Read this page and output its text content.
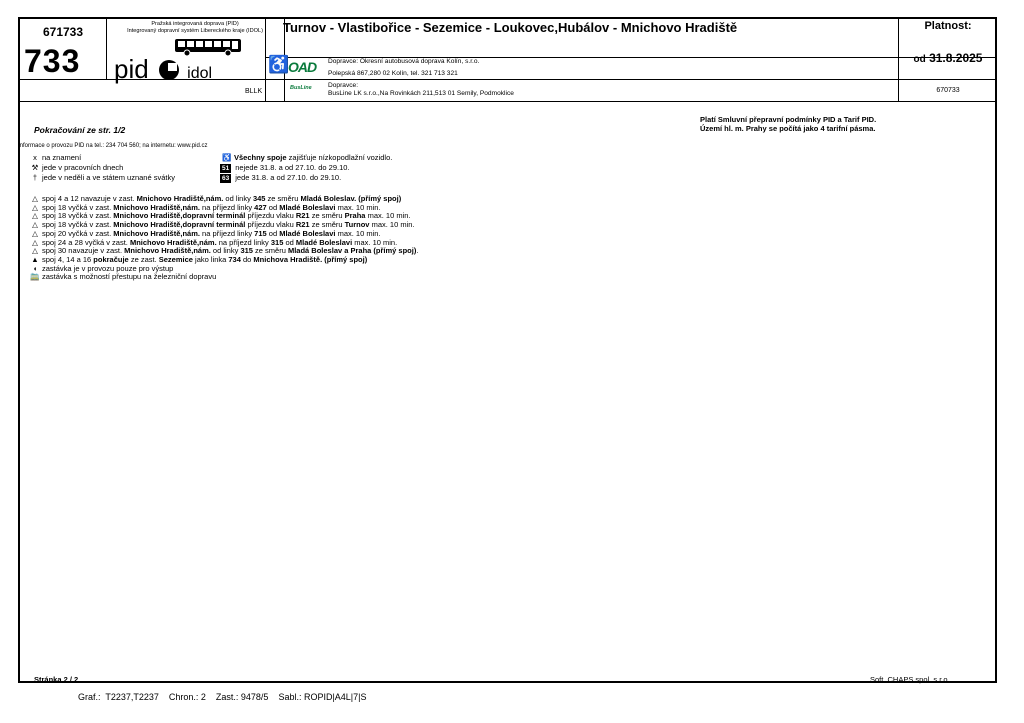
671733
733
Pražská integrovaná doprava (PID)
Integrovaný dopravní systém Libereckého kraje (IDOL)
pid idol	♿
Turnov - Vlastibořice - Sezemice - Loukovec,Hubálov - Mnichovo Hradiště
OAD Dopravce: Okresní autobusová doprava Kolín, s.r.o.
Polepská 867,280 02 Kolín, tel. 321 713 321
BusLine Dopravce:
BusLine LK s.r.o.,Na Rovinkách 211,513 01 Semily, Podmoklice
BLLK
Platnost:
od 31.8.2025
670733
Pokračování ze str. 1/2
Platí Smluvní přepravní podmínky PID a Tarif PID.
Území hl. m. Prahy se počítá jako 4 tarifní pásma.
Informace o provozu PID na tel.: 234 704 560; na internetu: www.pid.cz
x na znamení
⚒ jede v pracovních dnech
† jede v neděli a ve státem uznané svátky
♿ Všechny spoje zajišťuje nízkopodlažní vozidlo.
51 nejede 31.8. a od 27.10. do 29.10.
63 jede 31.8. a od 27.10. do 29.10.
△ spoj 4 a 12 navazuje v zast. Mnichovo Hradiště,nám. od linky 345 ze směru Mladá Boleslav. (přímý spoj)
△ spoj 18 vyčká v zast. Mnichovo Hradiště,nám. na příjezd linky 427 od Mladé Boleslavi max. 10 min.
△ spoj 18 vyčká v zast. Mnichovo Hradiště,dopravní terminál příjezdu vlaku R21 ze směru Praha max. 10 min.
△ spoj 18 vyčká v zast. Mnichovo Hradiště,dopravní terminál příjezdu vlaku R21 ze směru Turnov max. 10 min.
△ spoj 20 vyčká v zast. Mnichovo Hradiště,nám. na příjezd linky 715 od Mladé Boleslavi max. 10 min.
△ spoj 24 a 28 vyčká v zast. Mnichovo Hradiště,nám. na příjezd linky 315 od Mladé Boleslavi max. 10 min.
△ spoj 30 navazuje v zast. Mnichovo Hradiště,nám. od linky 315 ze směru Mladá Boleslav a Praha (přímý spoj).
▲ spoj 4, 14 a 16 pokračuje ze zast. Sezemice jako linka 734 do Mnichova Hradiště. (přímý spoj)
◖ zastávka je v provozu pouze pro výstup
🚞 zastávka s možností přestupu na železniční dopravu
Stránka 2 / 2	Soft. CHAPS spol. s r.o.
Graf.:  T2237,T2237    Chron.: 2    Zast.: 9478/5    Sabl.: ROPID|A4L|7|S
